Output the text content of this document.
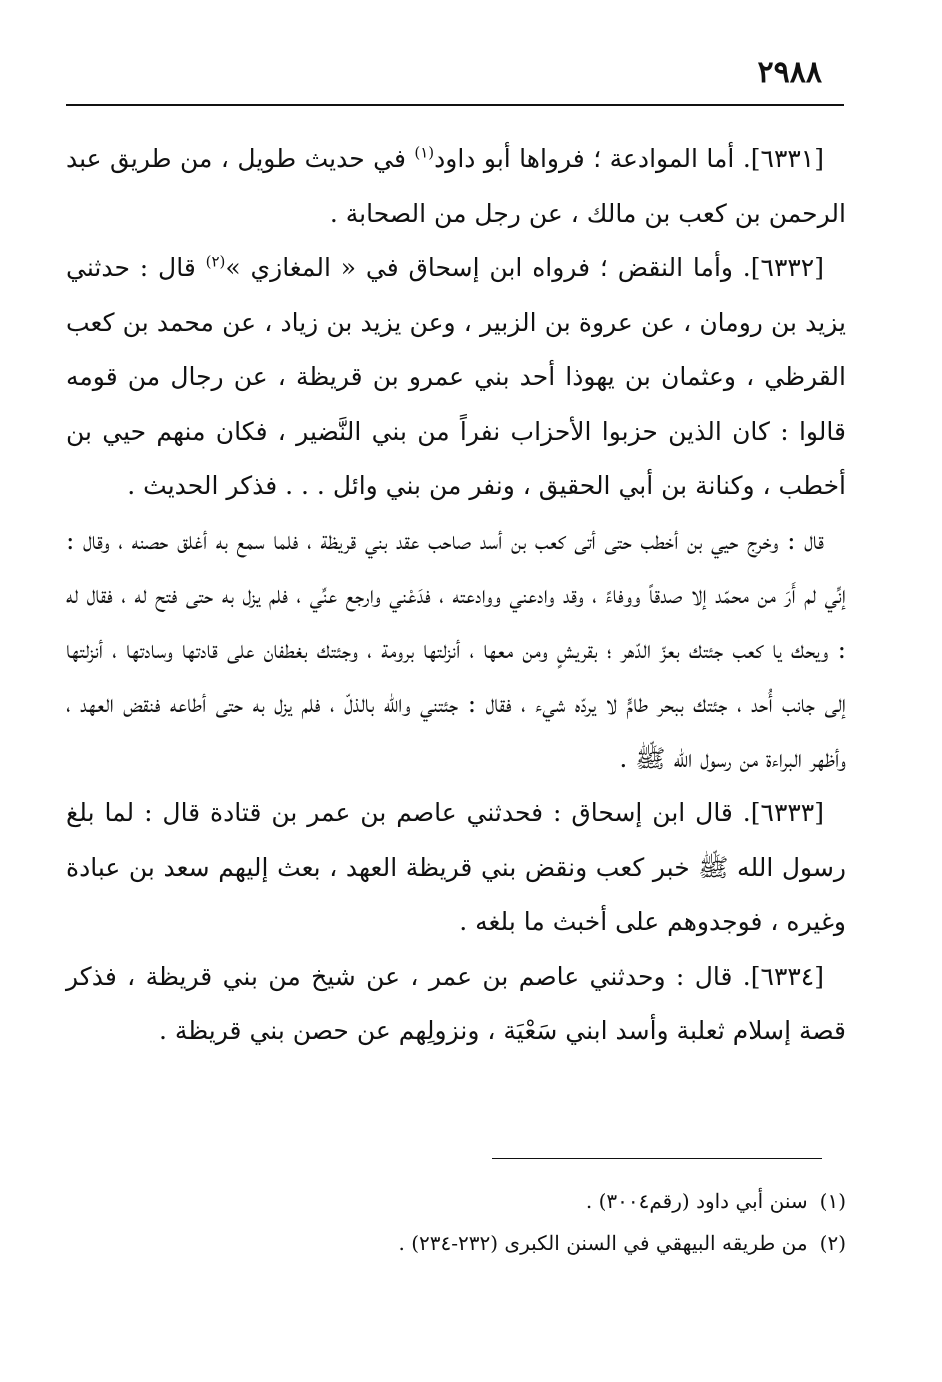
٢٩٨٨

[٦٣٣١]. أما الموادعة ؛ فرواها أبو داود$^{(١)}$ في حديث طويل ، من طريق عبد الرحمن بن كعب بن مالك ، عن رجل من الصحابة .

[٦٣٣٢]. وأما النقض ؛ فرواه ابن إسحاق في « المغازي »$^{(٢)}$ قال : حدثني يزيد بن رومان ، عن عروة بن الزبير ، وعن يزيد بن زياد ، عن محمد بن كعب القرظي ، وعثمان بن يهوذا أحد بني عمرو بن قريظة ، عن رجال من قومه قالوا : كان الذين حزبوا الأحزاب نفراً من بني النَّضير ، فكان منهم حيي بن أخطب ، وكنانة بن أبي الحقيق ، ونفر من بني وائل . . . فذكر الحديث .

قال : وخرج حيي بن أخطب حتى أتى كعب بن أسد صاحب عقد بني قريظة ، فلما سمع به أغلق حصنه ، وقال : إنِّي لم أَرَ من محمّد إلا صدقاً ووفاءً ، وقد وادعني ووادعته ، فدَعْني وارجع عنِّي ، فلم يزل به حتى فتح له ، فقال له : ويحك يا كعب جئتك بعزّ الدّهر ؛ بقريشٍ ومن معها ، أنزلتها برومة ، وجئتك بغطفان على قادتها وسادتها ، أنزلتها إلى جانب أُحد ، جئتك ببحر طامٍّ لا يردّه شيء ، فقال : جئتني والله بالذلّ ، فلم يزل به حتى أطاعه فنقض العهد ، وأظهر البراءة من رسول الله ﷺ .

[٦٣٣٣]. قال ابن إسحاق : فحدثني عاصم بن عمر بن قتادة قال : لما بلغ رسول الله ﷺ خبر كعب ونقض بني قريظة العهد ، بعث إليهم سعد بن عبادة وغيره ، فوجدوهم على أخبث ما بلغه .

[٦٣٣٤]. قال : وحدثني عاصم بن عمر ، عن شيخ من بني قريظة ، فذكر قصة إسلام ثعلبة وأسد ابني سَعْيَة ، ونزولِهم عن حصن بني قريظة .

(١)سنن أبي داود (رقم٣٠٠٤) .

(٢)من طريقه البيهقي في السنن الكبرى (٢٣٢-٢٣٤) .
